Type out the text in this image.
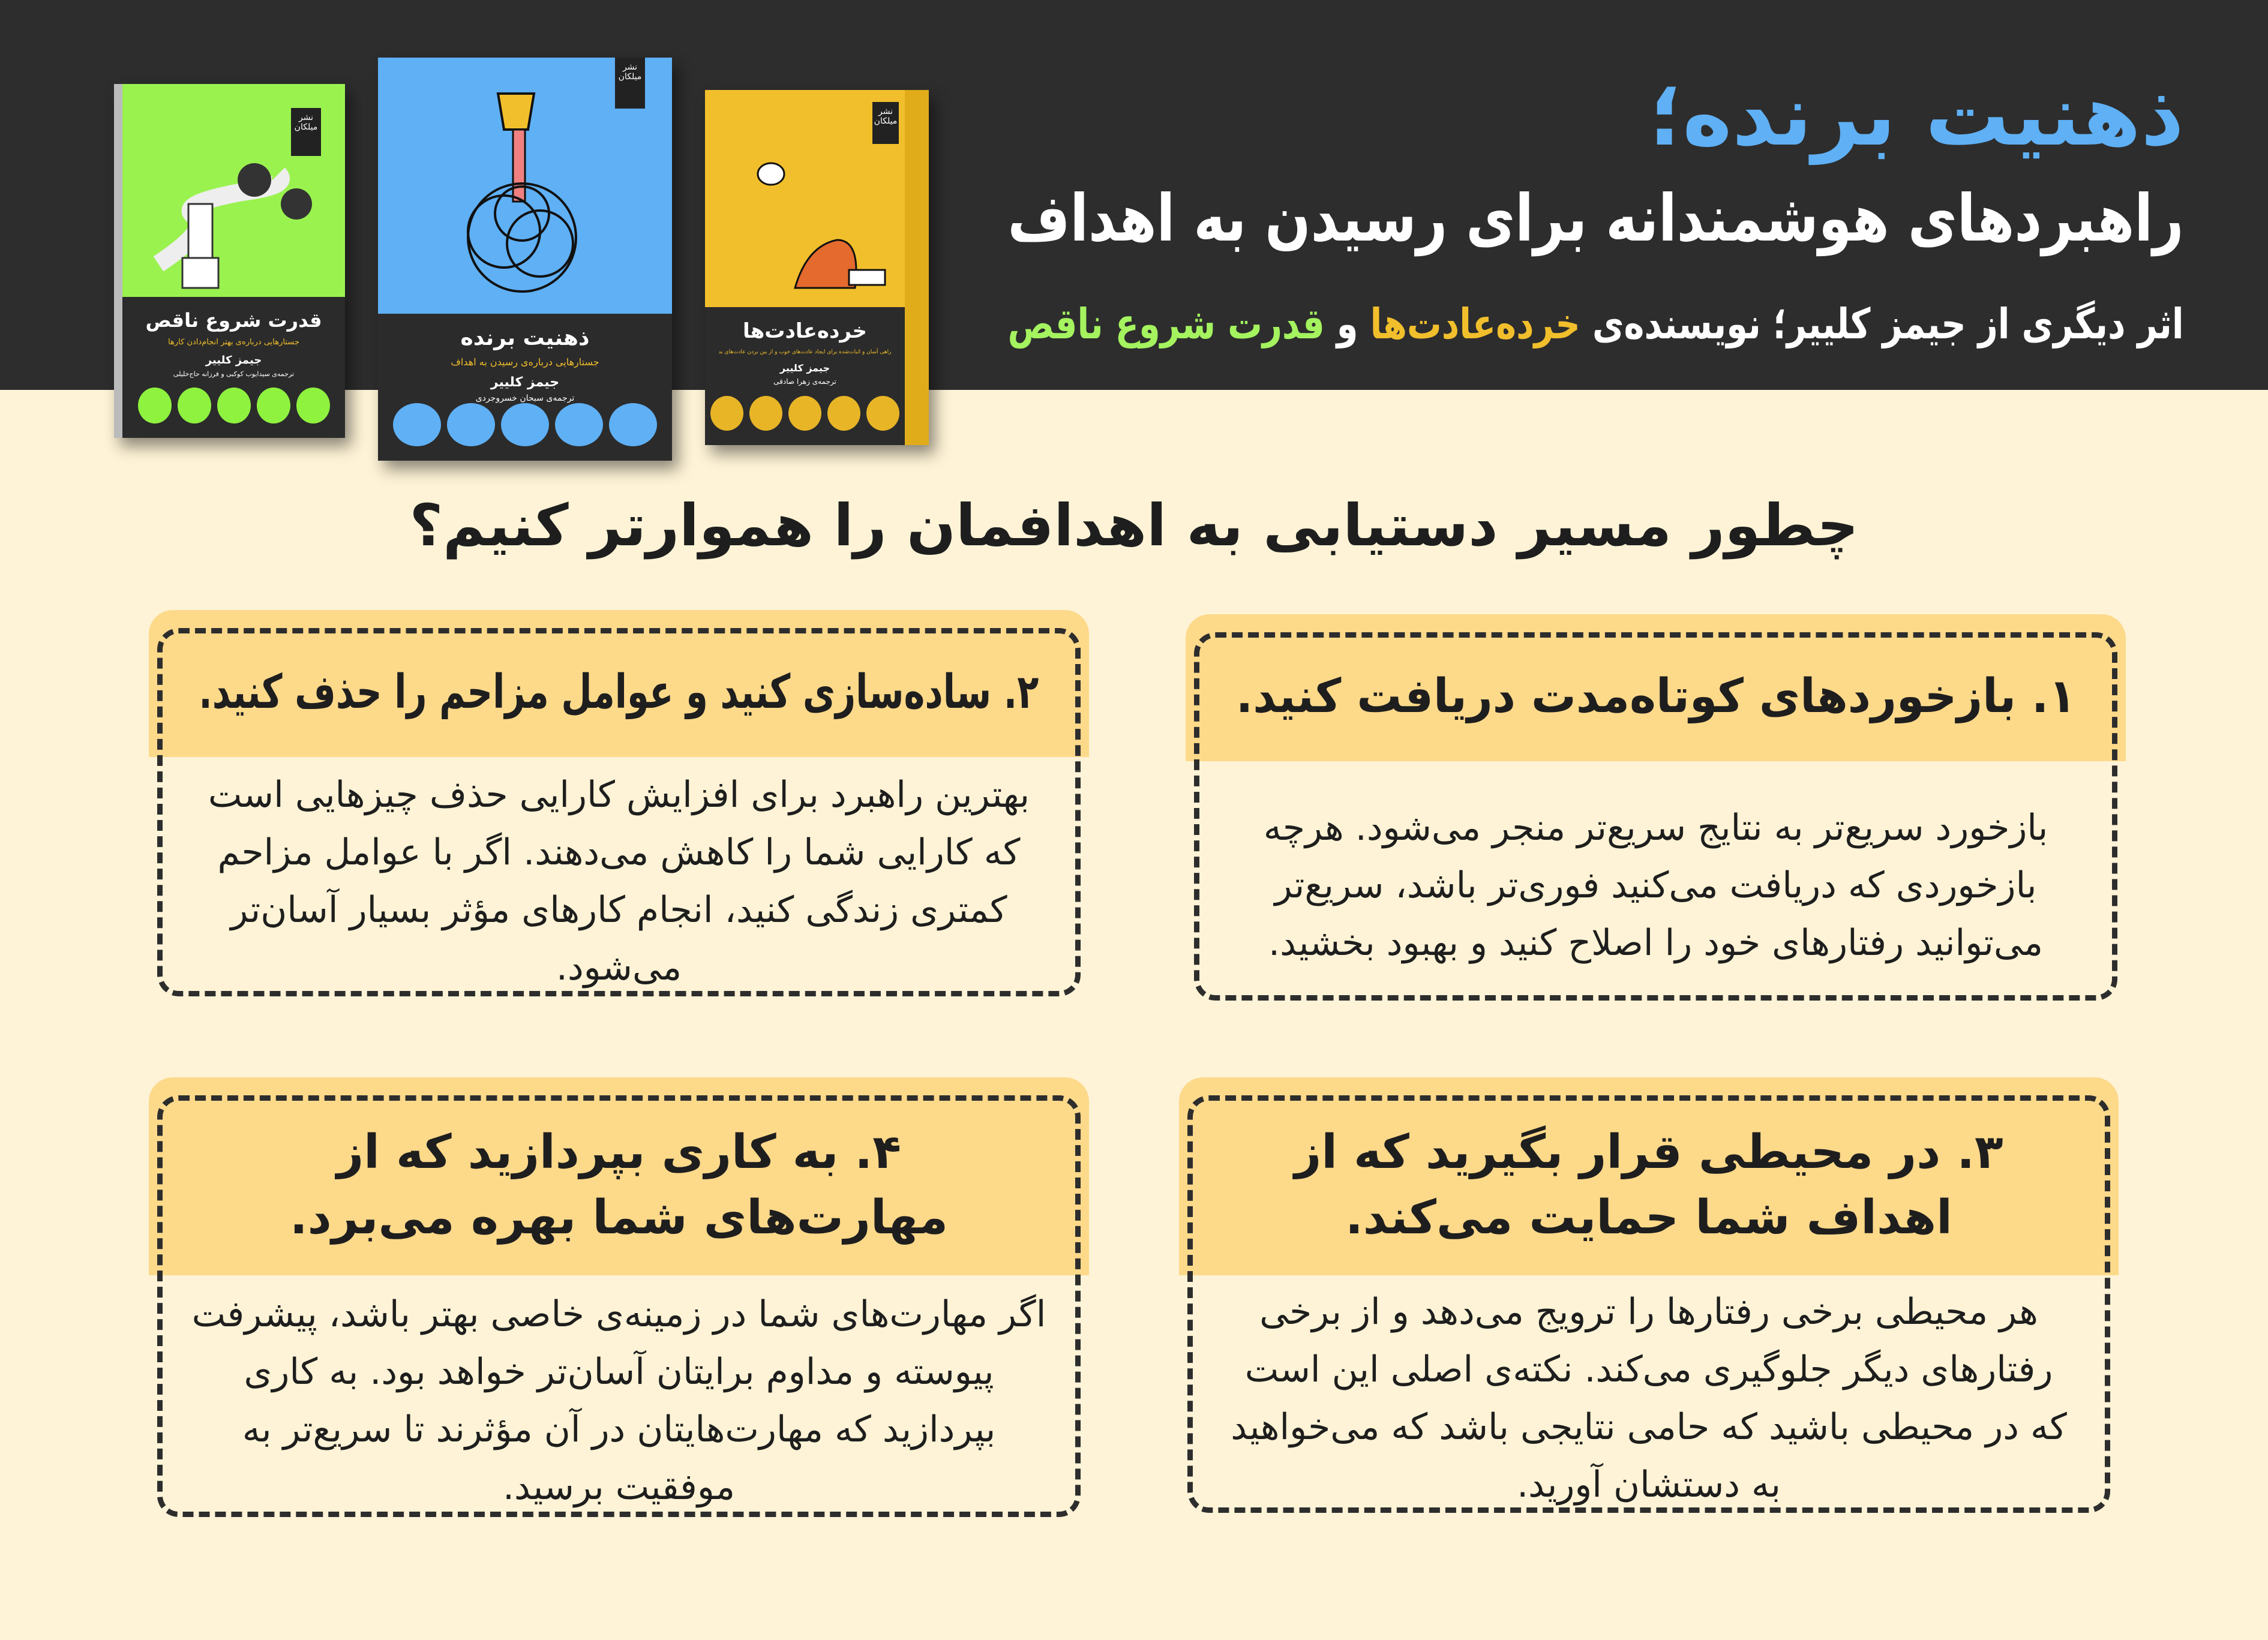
ذهنیت برنده؛
راهبردهای هوشمندانه برای رسیدن به اهداف
اثر دیگری از جیمز کلییر؛ نویسنده‌ی خرده‌عادت‌ها و قدرت شروع ناقص
نشر میلکان
قدرت شروع ناقص
جستارهایی درباره‌ی بهتر انجام‌دادن کارها
جیمز کلییر
ترجمه‌ی سیدایوب کوکبی و فرزانه حاج‌خلیلی
نشر میلکان
ذهنیت برنده
جستارهایی درباره‌ی رسیدن به اهداف
جیمز کلییر
ترجمه‌ی سبحان خسروجردی
نشر میلکان
خرده‌عادت‌ها
راهی آسان و اثبات‌شده برای ایجاد عادت‌های خوب و از بین بردن عادت‌های بد
جیمز کلییر
ترجمه‌ی زهرا صادقی
چطور مسیر دستیابی به اهدافمان را هموارتر کنیم؟
۱. بازخوردهای کوتاه‌مدت دریافت کنید.
بازخورد سریع‌تر به نتایج سریع‌تر منجر می‌شود. هرچه بازخوردی که دریافت می‌کنید فوری‌تر باشد، سریع‌تر می‌توانید رفتارهای خود را اصلاح کنید و بهبود بخشید.
۲. ساده‌سازی کنید و عوامل مزاحم را حذف کنید.
بهترین راهبرد برای افزایش کارایی حذف چیزهایی است که کارایی شما را کاهش می‌دهند. اگر با عوامل مزاحم کمتری زندگی کنید، انجام کارهای مؤثر بسیار آسان‌تر می‌شود.
۳. در محیطی قرار بگیرید که از اهداف شما حمایت می‌کند.
هر محیطی برخی رفتارها را ترویج می‌دهد و از برخی رفتارهای دیگر جلوگیری می‌کند. نکته‌ی اصلی این است که در محیطی باشید که حامی نتایجی باشد که می‌خواهید به دستشان آورید.
۴. به کاری بپردازید که از مهارت‌های شما بهره می‌برد.
اگر مهارت‌های شما در زمینه‌ی خاصی بهتر باشد، پیشرفت پیوسته و مداوم برایتان آسان‌تر خواهد بود. به کاری بپردازید که مهارت‌هایتان در آن مؤثرند تا سریع‌تر به موفقیت برسید.
